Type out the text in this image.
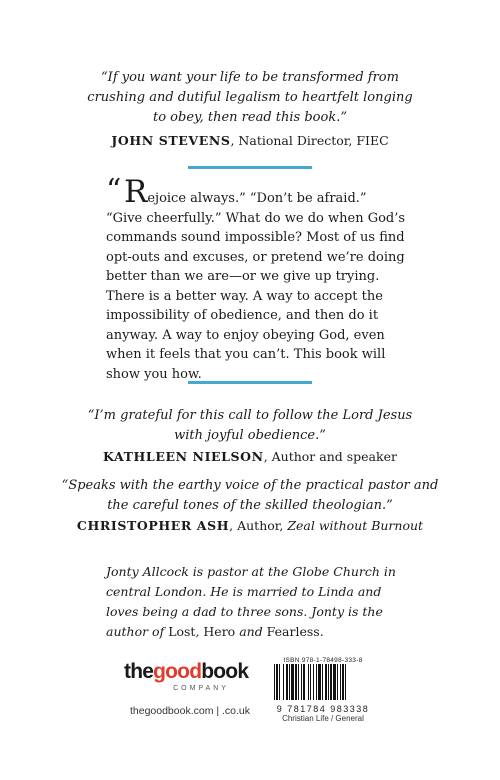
“If you want your life to be transformed from
crushing and dutiful legalism to heartfelt longing
to obey, then read this book.”
JOHN STEVENS, National Director, FIEC
“ Rejoice always.” “Don’t be afraid.” “Give cheerfully.” What do we do when God’s commands sound impossible? Most of us find opt-outs and excuses, or pretend we’re doing better than we are—or we give up trying.

There is a better way. A way to accept the impossibility of obedience, and then do it anyway. A way to enjoy obeying God, even when it feels that you can’t. This book will show you how.

“I’m grateful for this call to follow the Lord Jesus
with joyful obedience.”
KATHLEEN NIELSON, Author and speaker
“Speaks with the earthy voice of the practical pastor and
the careful tones of the skilled theologian.”
CHRISTOPHER ASH, Author, Zeal without Burnout
Jonty Allcock is pastor at the Globe Church in central London. He is married to Linda and loves being a dad to three sons. Jonty is the author of Lost, Hero and Fearless.
thegoodbook
COMPANY
thegoodbook.com | .co.uk
ISBN 978-1-78498-333-8
9 781784 983338
Christian Life / General
